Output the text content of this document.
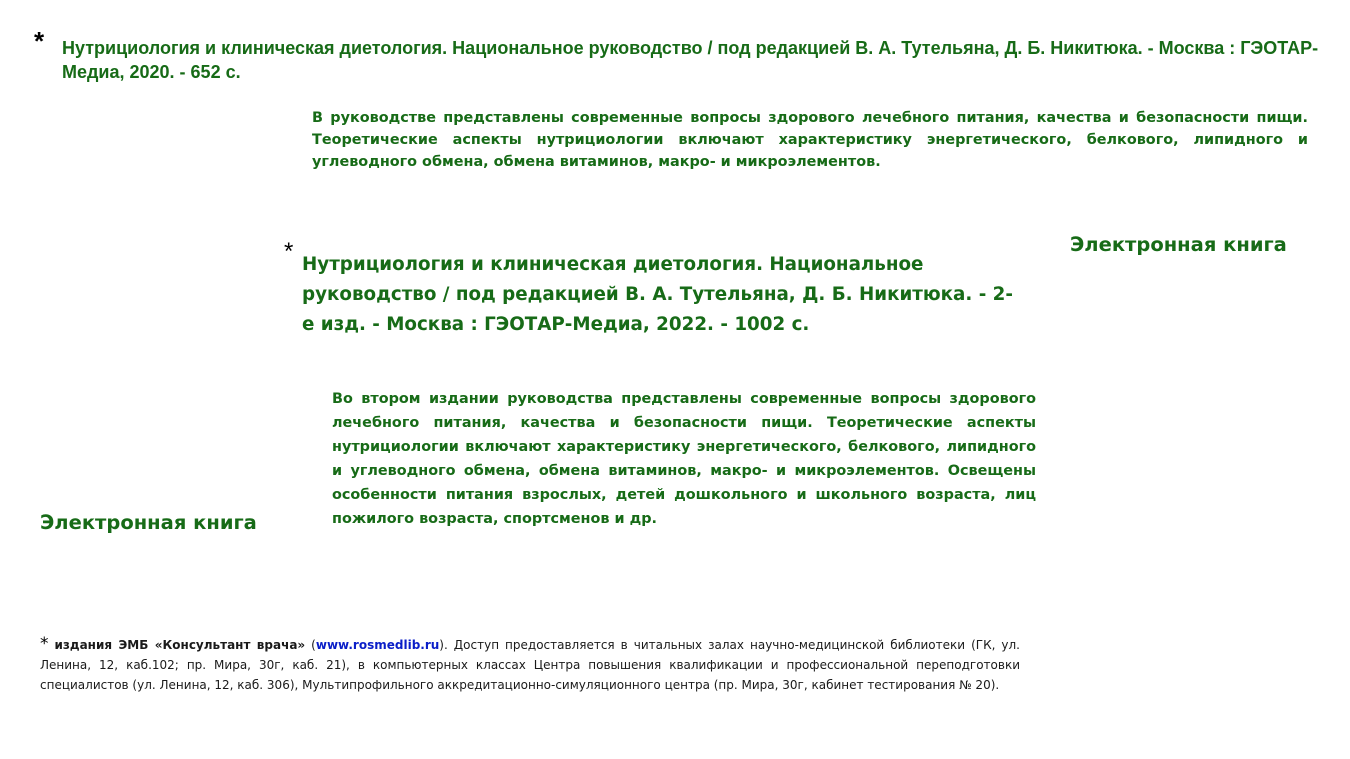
* Нутрициология и клиническая диетология. Национальное руководство / под редакцией В. А. Тутельяна, Д. Б. Никитюка. - Москва : ГЭОТАР-Медиа, 2020. - 652 с.
В руководстве представлены современные вопросы здорового лечебного питания, качества и безопасности пищи. Теоретические аспекты нутрициологии включают характеристику энергетического, белкового, липидного и углеводного обмена, обмена витаминов, макро- и микроэлементов.
Электронная книга
* Нутрициология и клиническая диетология. Национальное руководство / под редакцией В. А. Тутельяна, Д. Б. Никитюка. - 2-е изд. - Москва : ГЭОТАР-Медиа, 2022. - 1002 с.
Во втором издании руководства представлены современные вопросы здорового лечебного питания, качества и безопасности пищи. Теоретические аспекты нутрициологии включают характеристику энергетического, белкового, липидного и углеводного обмена, обмена витаминов, макро- и микроэлементов. Освещены особенности питания взрослых, детей дошкольного и школьного возраста, лиц пожилого возраста, спортсменов и др.
Электронная книга
* издания ЭМБ «Консультант врача» (www.rosmedlib.ru). Доступ предоставляется в читальных залах научно-медицинской библиотеки (ГК, ул. Ленина, 12, каб.102; пр. Мира, 30г, каб. 21), в компьютерных классах Центра повышения квалификации и профессиональной переподготовки специалистов (ул. Ленина, 12, каб. 306), Мультипрофильного аккредитационно-симуляционного центра (пр. Мира, 30г, кабинет тестирования № 20).
